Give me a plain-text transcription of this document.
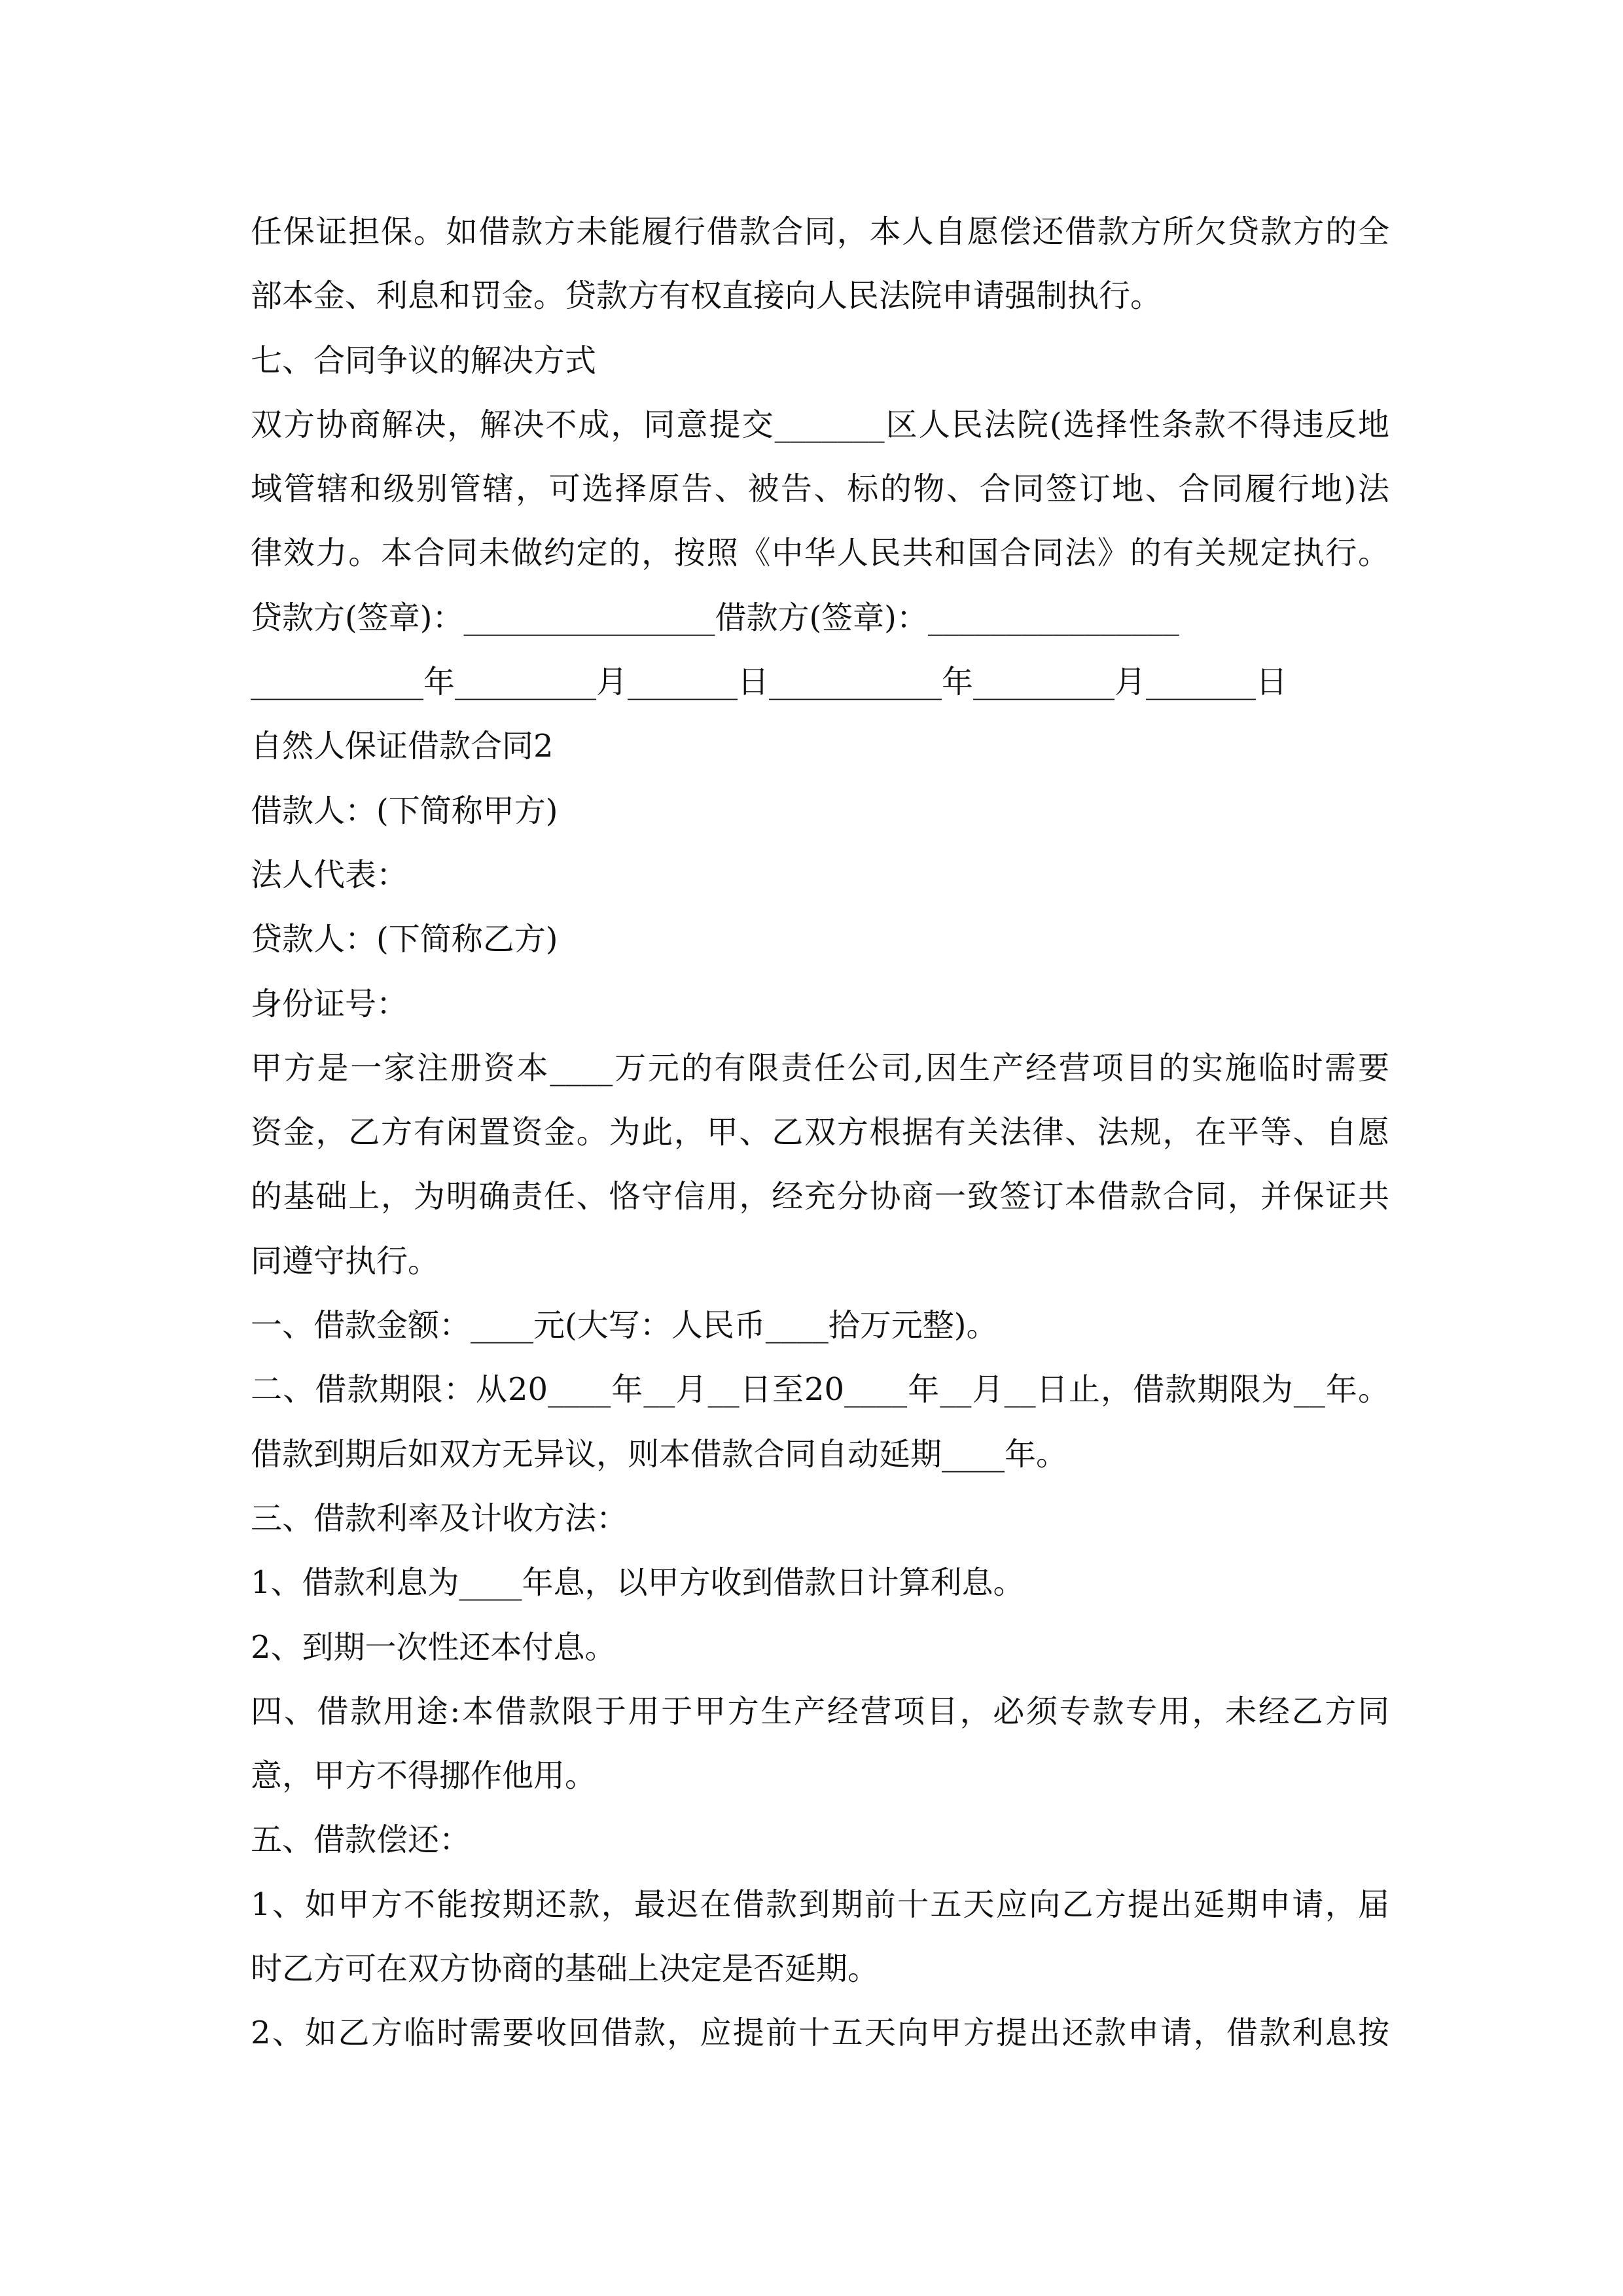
任保证担保。如借款方未能履行借款合同，本人自愿偿还借款方所欠贷款方的全
部本金、利息和罚金。贷款方有权直接向人民法院申请强制执行。
七、合同争议的解决方式
双方协商解决，解决不成，同意提交_______区人民法院(选择性条款不得违反地
域管辖和级别管辖，可选择原告、被告、标的物、合同签订地、合同履行地)法
律效力。本合同未做约定的，按照《中华人民共和国合同法》的有关规定执行。
贷款方(签章)：________________借款方(签章)：________________
___________年_________月_______日___________年_________月_______日
自然人保证借款合同2
借款人：(下简称甲方)
法人代表：
贷款人：(下简称乙方)
身份证号：
甲方是一家注册资本____万元的有限责任公司,因生产经营项目的实施临时需要
资金，乙方有闲置资金。为此，甲、乙双方根据有关法律、法规，在平等、自愿
的基础上，为明确责任、恪守信用，经充分协商一致签订本借款合同，并保证共
同遵守执行。
一、借款金额：____元(大写：人民币____拾万元整)。
二、借款期限：从20____年__月__日至20____年__月__日止，借款期限为__年。
借款到期后如双方无异议，则本借款合同自动延期____年。
三、借款利率及计收方法：
1、借款利息为____年息，以甲方收到借款日计算利息。
2、到期一次性还本付息。
四、借款用途:本借款限于用于甲方生产经营项目，必须专款专用，未经乙方同
意，甲方不得挪作他用。
五、借款偿还：
1、如甲方不能按期还款，最迟在借款到期前十五天应向乙方提出延期申请，届
时乙方可在双方协商的基础上决定是否延期。
2、如乙方临时需要收回借款，应提前十五天向甲方提出还款申请，借款利息按
